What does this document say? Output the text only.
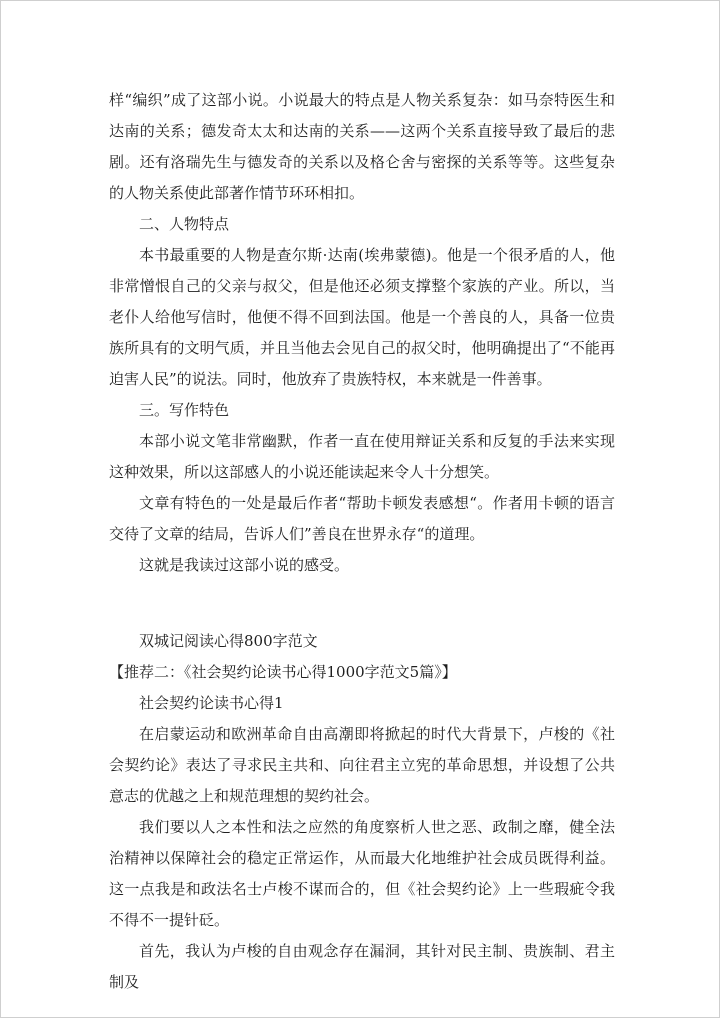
样“编织”成了这部小说。小说最大的特点是人物关系复杂：如马奈特医生和达南的关系；德发奇太太和达南的关系——这两个关系直接导致了最后的悲剧。还有洛瑞先生与德发奇的关系以及格仑舍与密探的关系等等。这些复杂的人物关系使此部著作情节环环相扣。

二、人物特点

本书最重要的人物是查尔斯·达南(埃弗蒙德)。他是一个很矛盾的人，他非常憎恨自己的父亲与叔父，但是他还必须支撑整个家族的产业。所以，当老仆人给他写信时，他便不得不回到法国。他是一个善良的人，具备一位贵族所具有的文明气质，并且当他去会见自己的叔父时，他明确提出了“不能再迫害人民”的说法。同时，他放弃了贵族特权，本来就是一件善事。

三。写作特色

本部小说文笔非常幽默，作者一直在使用辩证关系和反复的手法来实现这种效果，所以这部感人的小说还能读起来令人十分想笑。

文章有特色的一处是最后作者“帮助卡顿发表感想“。作者用卡顿的语言交待了文章的结局，告诉人们”善良在世界永存“的道理。

这就是我读过这部小说的感受。

双城记阅读心得800字范文

【推荐二：《社会契约论读书心得1000字范文5篇》】

社会契约论读书心得1

在启蒙运动和欧洲革命自由高潮即将掀起的时代大背景下，卢梭的《社会契约论》表达了寻求民主共和、向往君主立宪的革命思想，并设想了公共意志的优越之上和规范理想的契约社会。

我们要以人之本性和法之应然的角度察析人世之恶、政制之靡，健全法治精神以保障社会的稳定正常运作，从而最大化地维护社会成员既得利益。这一点我是和政法名士卢梭不谋而合的，但《社会契约论》上一些瑕疵令我不得不一提针砭。

首先，我认为卢梭的自由观念存在漏洞，其针对民主制、贵族制、君主制及
